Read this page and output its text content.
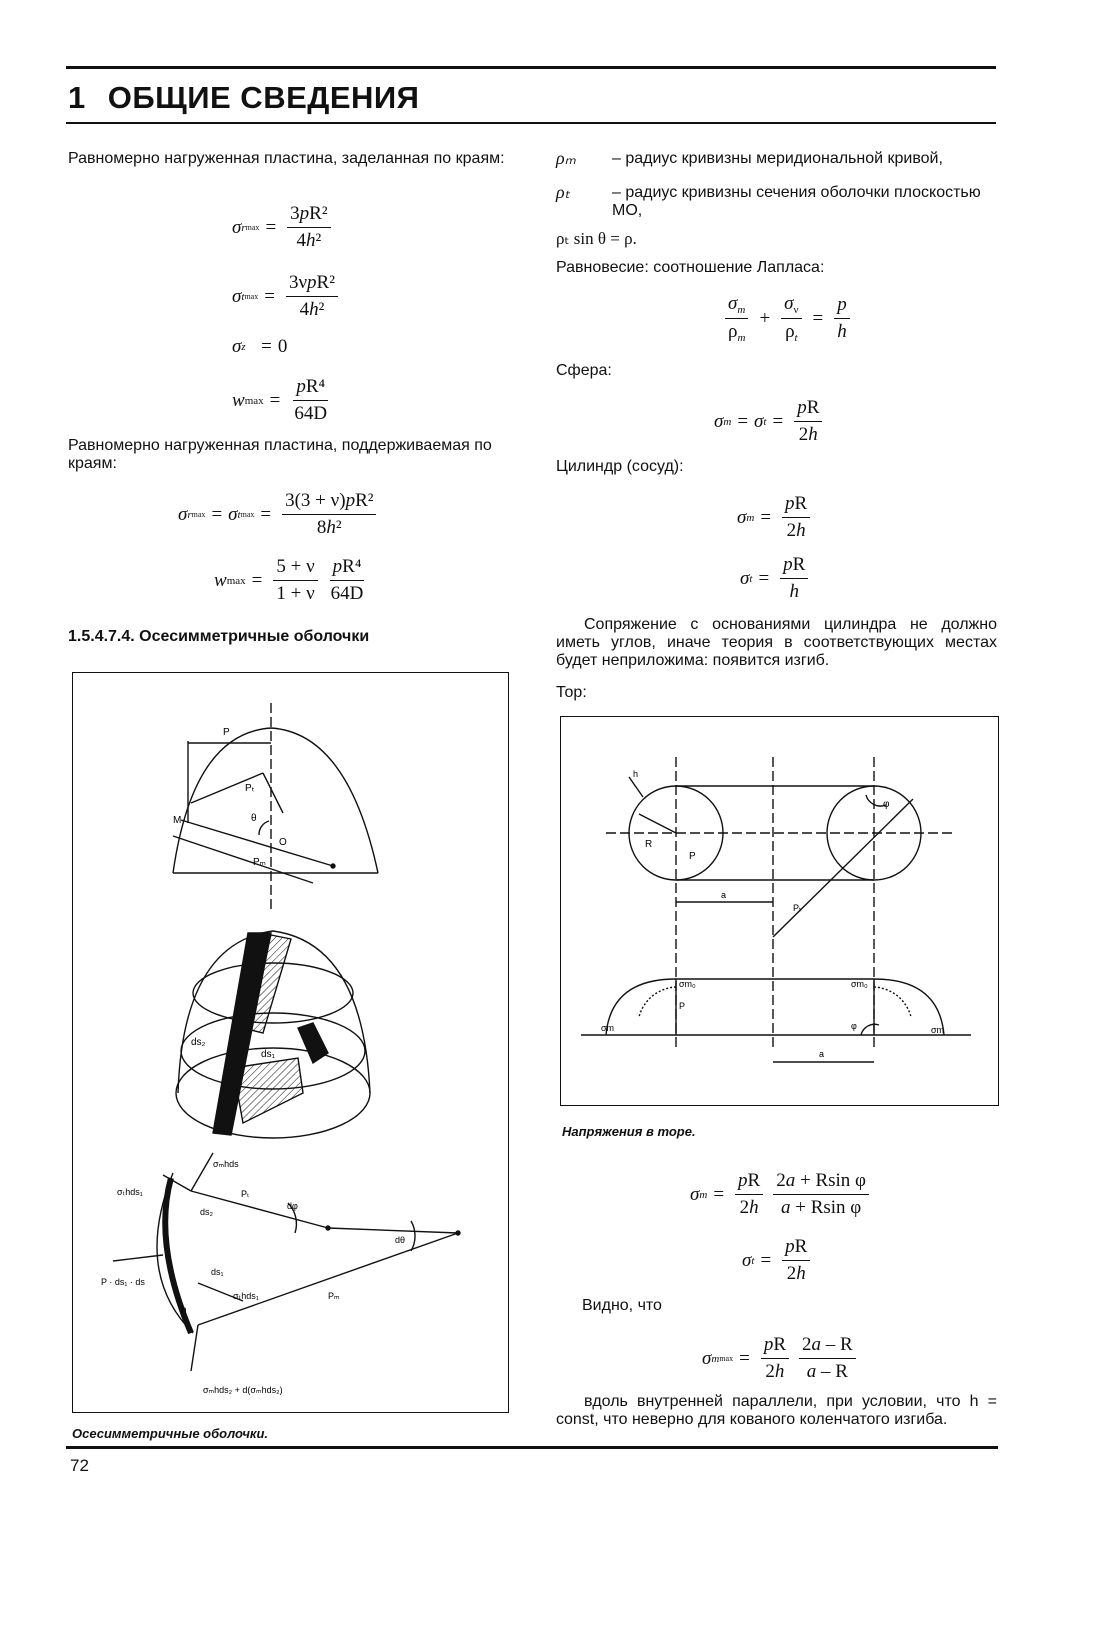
1 ОБЩИЕ СВЕДЕНИЯ
Равномерно нагруженная пластина, заделанная по краям:
σ r $\max = \frac{\text{3pR²}}{\text{4h²}}$
σ t $\max = \frac{\text{3νpR²}}{\text{4h²}}$
σ z = 0
w $\max = \frac{\text{pR⁴}}{64D}$
Равномерно нагруженная пластина, поддерживаемая по краям:
σ r max = σ t $\max = \frac{\text{3(3 + ν)pR²}}{\text{8h²}}$
w $\max = \frac{5 + \nu}{1 + \nu} \frac{\text{pR⁴}}{64D}$
1.5.4.7.4. Осесимметричные оболочки
P
Pₜ
M	θ
O
Pₘ
ds₂
ds₁
σₘhds
σₜhds₁	Pₜ
dφ
ds₂
dθ
ds₁
P · ds₁ · ds
h
σₜhds₁	Pₘ
σₘhds₂ + d(σₘhds₂)
Осесимметричные оболочки.
ρₘ – радиус кривизны меридиональной кривой,
ρₜ	– радиус кривизны сечения оболочки плоскостью МО,
ρₜ sin θ = ρ.
Равновесие: соотношение Лапласа:
$\frac{\sigma_m}{\rho_m} + \frac{\sigma_\nu}{\rho_t} = \frac{p}{h}$
Сфера:
σ m = σ $t = \frac{pR}{2h}$
Цилиндр (сосуд):
σ $m = \frac{pR}{2h}$
σ $t = \frac{pR}{h}$
Сопряжение с основаниями цилиндра не должно иметь углов, иначе теория в соответствующих местах будет неприложима: появится изгиб.
Тор:
h
R
P
φ
a
Pₜ
σm₀	σm₀
σm	σm
P
φ
a
Напряжения в торе.
σ $m = \frac{pR}{2h} \frac{\text{2a + Rsin φ}}{\text{a + Rsin φ}}$
σ $t = \frac{pR}{2h}$
Видно, что
σ m $\max = \frac{pR}{2h} \frac{2a - R}{a - R}$
вдоль внутренней параллели, при условии, что h = const, что неверно для кованого коленчатого изгиба.
72
